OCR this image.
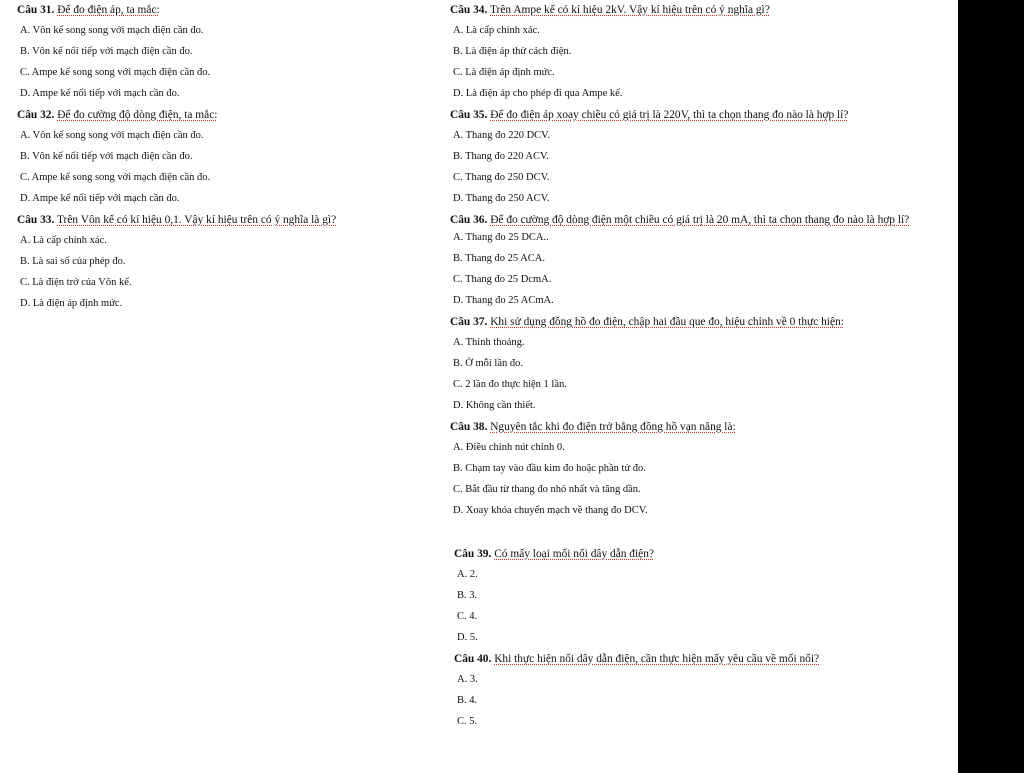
Câu 31. Để đo điện áp, ta mắc:
A. Vôn kế song song với mạch điện cần đo.
B. Vôn kế nối tiếp với mạch điện cần đo.
C. Ampe kế song song với mạch điện cần đo.
D. Ampe kế nối tiếp với mạch cần đo.
Câu 32. Để đo cường độ dòng điện, ta mắc:
A. Vôn kế song song với mạch điện cần đo.
B. Vôn kế nối tiếp với mạch điện cần đo.
C. Ampe kế song song với mạch điện cần đo.
D. Ampe kế nối tiếp với mạch cần đo.
Câu 33. Trên Vôn kế có kí hiệu 0,1. Vậy kí hiệu trên có ý nghĩa là gì?
A. Là cấp chính xác.
B. Là sai số của phép đo.
C. Là điện trở của Vôn kế.
D. Là điện áp định mức.
Câu 34. Trên Ampe kế có kí hiệu 2kV. Vậy kí hiệu trên có ý nghĩa gì?
A. Là cấp chính xác.
B. Là điện áp thử cách điện.
C. Là điện áp định mức.
D. Là điện áp cho phép đi qua Ampe kế.
Câu 35. Để đo điện áp xoay chiều có giá trị là 220V, thì ta chọn thang đo nào là hợp lí?
A. Thang đo 220 DCV.
B. Thang đo 220 ACV.
C. Thang đo 250 DCV.
D. Thang đo 250 ACV.
Câu 36. Để đo cường độ dòng điện một chiều có giá trị là 20 mA, thì ta chọn thang đo nào là hợp lí?
A. Thang đo 25 DCA..
B. Thang đo 25 ACA.
C. Thang đo 25 DcmA.
D. Thang đo 25 ACmA.
Câu 37. Khi sử dụng đồng hồ đo điện, chập hai đầu que đo, hiệu chỉnh về 0 thực hiện:
A. Thỉnh thoảng.
B. Ở mỗi lần đo.
C. 2 lần đo thực hiện 1 lần.
D. Không cần thiết.
Câu 38. Nguyên tắc khi đo điện trở bằng đồng hồ vạn năng là:
A. Điều chỉnh nút chỉnh 0.
B. Chạm tay vào đầu kim đo hoặc phần tử đo.
C. Bắt đầu từ thang đo nhỏ nhất và tăng dần.
D. Xoay khóa chuyển mạch về thang đo DCV.
Câu 39. Có mấy loại mối nối dây dẫn điện?
A. 2.
B. 3.
C. 4.
D. 5.
Câu 40. Khi thực hiện nối dây dẫn điện, cần thực hiện mấy yêu cầu về mối nối?
A. 3.
B. 4.
C. 5.
